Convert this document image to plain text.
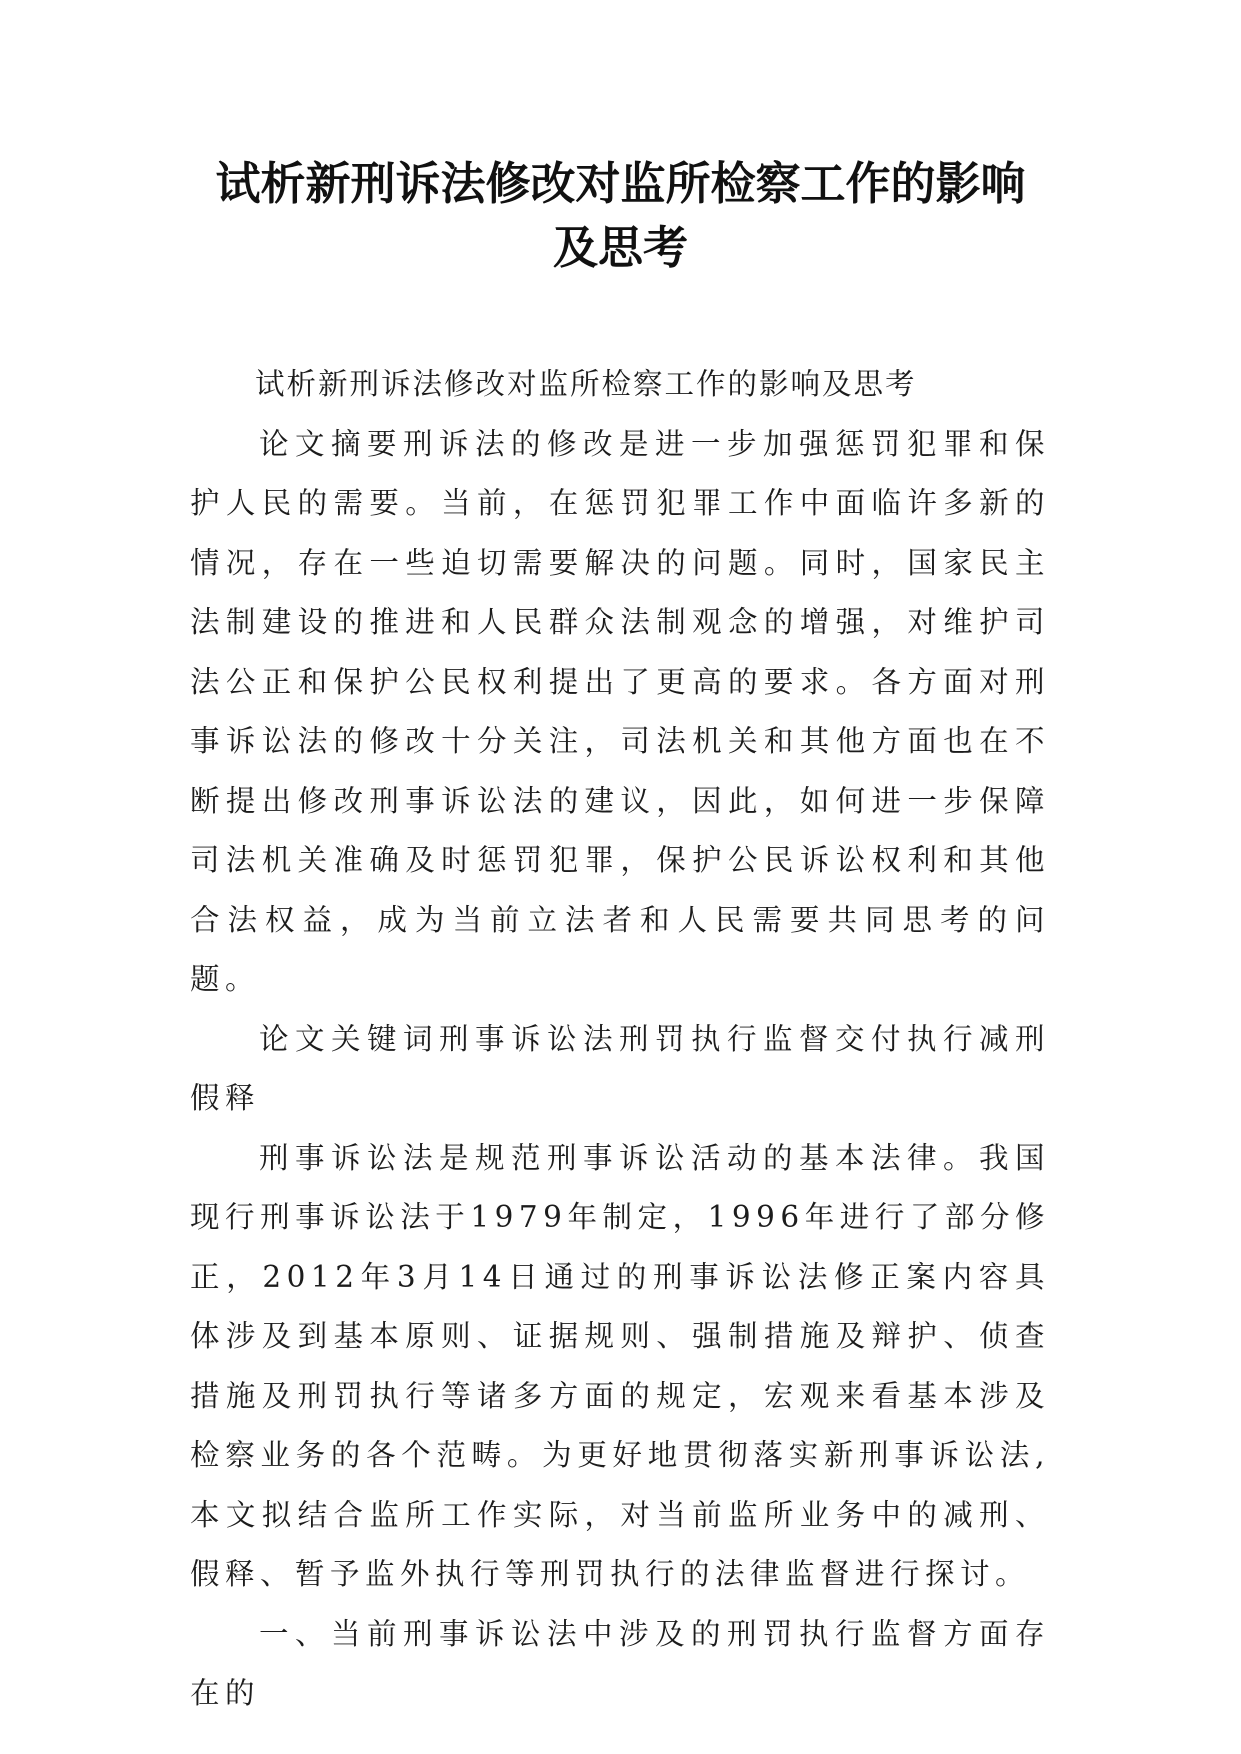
试析新刑诉法修改对监所检察工作的影响
及思考

试析新刑诉法修改对监所检察工作的影响及思考

论文摘要刑诉法的修改是进一步加强惩罚犯罪和保护人民的需要。当前，在惩罚犯罪工作中面临许多新的情况，存在一些迫切需要解决的问题。同时，国家民主法制建设的推进和人民群众法制观念的增强，对维护司法公正和保护公民权利提出了更高的要求。各方面对刑事诉讼法的修改十分关注，司法机关和其他方面也在不断提出修改刑事诉讼法的建议，因此，如何进一步保障司法机关准确及时惩罚犯罪，保护公民诉讼权利和其他合法权益，成为当前立法者和人民需要共同思考的问题。

论文关键词刑事诉讼法刑罚执行监督交付执行减刑假释

刑事诉讼法是规范刑事诉讼活动的基本法律。我国现行刑事诉讼法于1979年制定，1996年进行了部分修正，2012年3月14日通过的刑事诉讼法修正案内容具体涉及到基本原则、证据规则、强制措施及辩护、侦查措施及刑罚执行等诸多方面的规定，宏观来看基本涉及检察业务的各个范畴。为更好地贯彻落实新刑事诉讼法,本文拟结合监所工作实际，对当前监所业务中的减刑、假释、暂予监外执行等刑罚执行的法律监督进行探讨。

一、当前刑事诉讼法中涉及的刑罚执行监督方面存在的
